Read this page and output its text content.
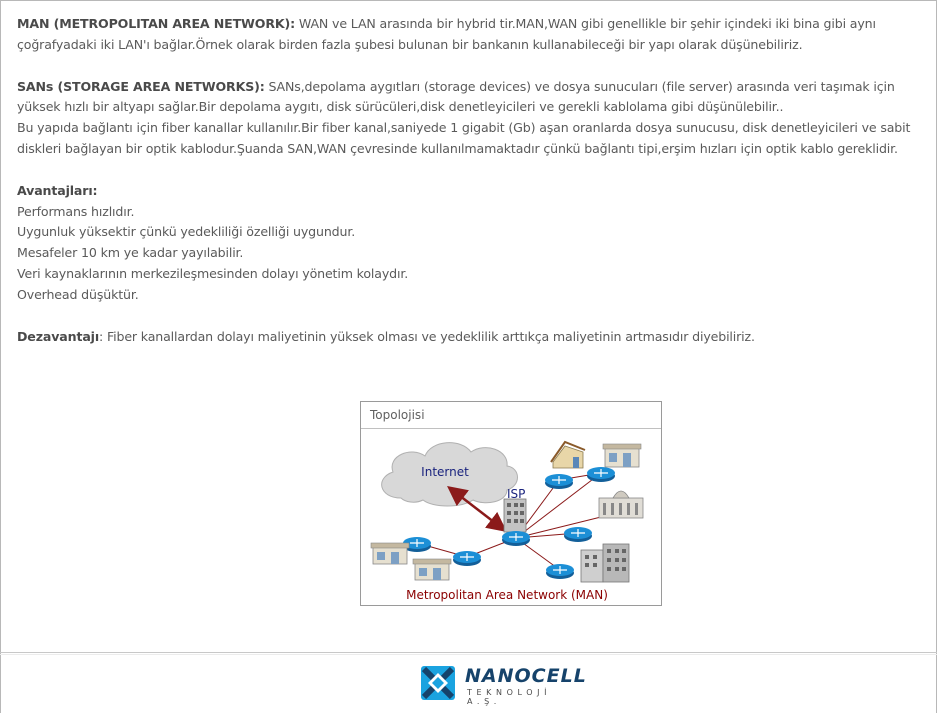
MAN (METROPOLITAN AREA NETWORK): WAN ve LAN arasında bir hybrid tir.MAN,WAN gibi genellikle bir şehir içindeki iki bina gibi aynı çoğrafyadaki iki LAN'ı bağlar.Örnek olarak birden fazla şubesi bulunan bir bankanın kullanabileceği bir yapı olarak düşünebiliriz.

SANs (STORAGE AREA NETWORKS): SANs,depolama aygıtları (storage devices) ve dosya sunucuları (file server) arasında veri taşımak için yüksek hızlı bir altyapı sağlar.Bir depolama aygıtı, disk sürücüleri,disk denetleyicileri ve gerekli kablolama gibi düşünülebilir..
Bu yapıda bağlantı için fiber kanallar kullanılır.Bir fiber kanal,saniyede 1 gigabit (Gb) aşan oranlarda dosya sunucusu, disk denetleyicileri ve sabit diskleri bağlayan bir optik kablodur.Şuanda SAN,WAN çevresinde kullanılmamaktadır çünkü bağlantı tipi,erşim hızları için optik kablo gereklidir.

Avantajları:
Performans hızlıdır.
Uygunluk yüksektir çünkü yedekliliği özelliği uygundur.
Mesafeler 10 km ye kadar yayılabilir.
Veri kaynaklarının merkezileşmesinden dolayı yönetim kolaydır.
Overhead düşüktür.

Dezavantajı: Fiber kanallardan dolayı maliyetinin yüksek olması ve yedeklilik arttıkça maliyetinin artmasıdır diyebiliriz.

Topolojisi
Internet
ISP
Metropolitan Area Network (MAN)
NANOCELL
TEKNOLOJİ A.Ş.
